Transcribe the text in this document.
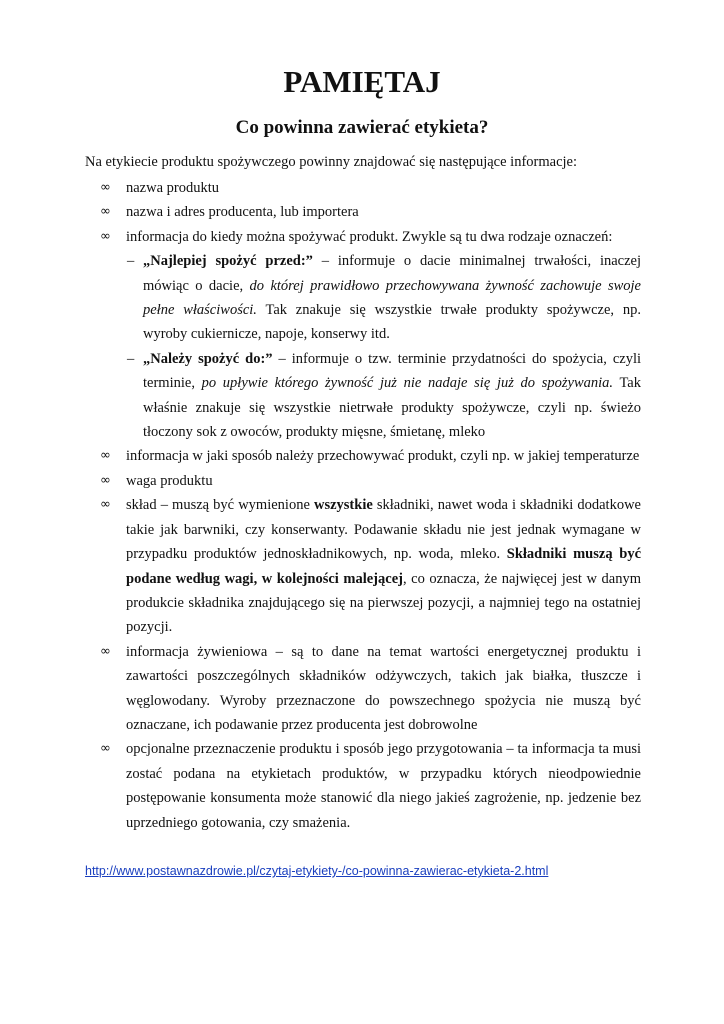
PAMIĘTAJ
Co powinna zawierać etykieta?
Na etykiecie produktu spożywczego powinny znajdować się następujące informacje:
∞	nazwa produktu
∞	nazwa i adres producenta, lub importera
∞	informacja do kiedy można spożywać produkt. Zwykle są tu dwa rodzaje oznaczeń:
– „Najlepiej spożyć przed:” – informuje o dacie minimalnej trwałości, inaczej mówiąc o dacie, do której prawidłowo przechowywana żywność zachowuje swoje pełne właściwości. Tak znakuje się wszystkie trwałe produkty spożywcze, np. wyroby cukiernicze, napoje, konserwy itd.
– „Należy spożyć do:” – informuje o tzw. terminie przydatności do spożycia, czyli terminie, po upływie którego żywność już nie nadaje się już do spożywania. Tak właśnie znakuje się wszystkie nietrwałe produkty spożywcze, czyli np. świeżo tłoczony sok z owoców, produkty mięsne, śmietanę, mleko
∞	informacja w jaki sposób należy przechowywać produkt, czyli np. w jakiej temperaturze
∞	waga produktu
∞	skład – muszą być wymienione wszystkie składniki, nawet woda i składniki dodatkowe takie jak barwniki, czy konserwanty. Podawanie składu nie jest jednak wymagane w przypadku produktów jednoskładnikowych, np. woda, mleko. Składniki muszą być podane według wagi, w kolejności malejącej, co oznacza, że najwięcej jest w danym produkcie składnika znajdującego się na pierwszej pozycji, a najmniej tego na ostatniej pozycji.
∞	informacja żywieniowa – są to dane na temat wartości energetycznej produktu i zawartości poszczególnych składników odżywczych, takich jak białka, tłuszcze i węglowodany. Wyroby przeznaczone do powszechnego spożycia nie muszą być oznaczane, ich podawanie przez producenta jest dobrowolne
∞	opcjonalne przeznaczenie produktu i sposób jego przygotowania – ta informacja ta musi zostać podana na etykietach produktów, w przypadku których nieodpowiednie postępowanie konsumenta może stanowić dla niego jakieś zagrożenie, np. jedzenie bez uprzedniego gotowania, czy smażenia.
http://www.postawnazdrowie.pl/czytaj-etykiety-/co-powinna-zawierac-etykieta-2.html
